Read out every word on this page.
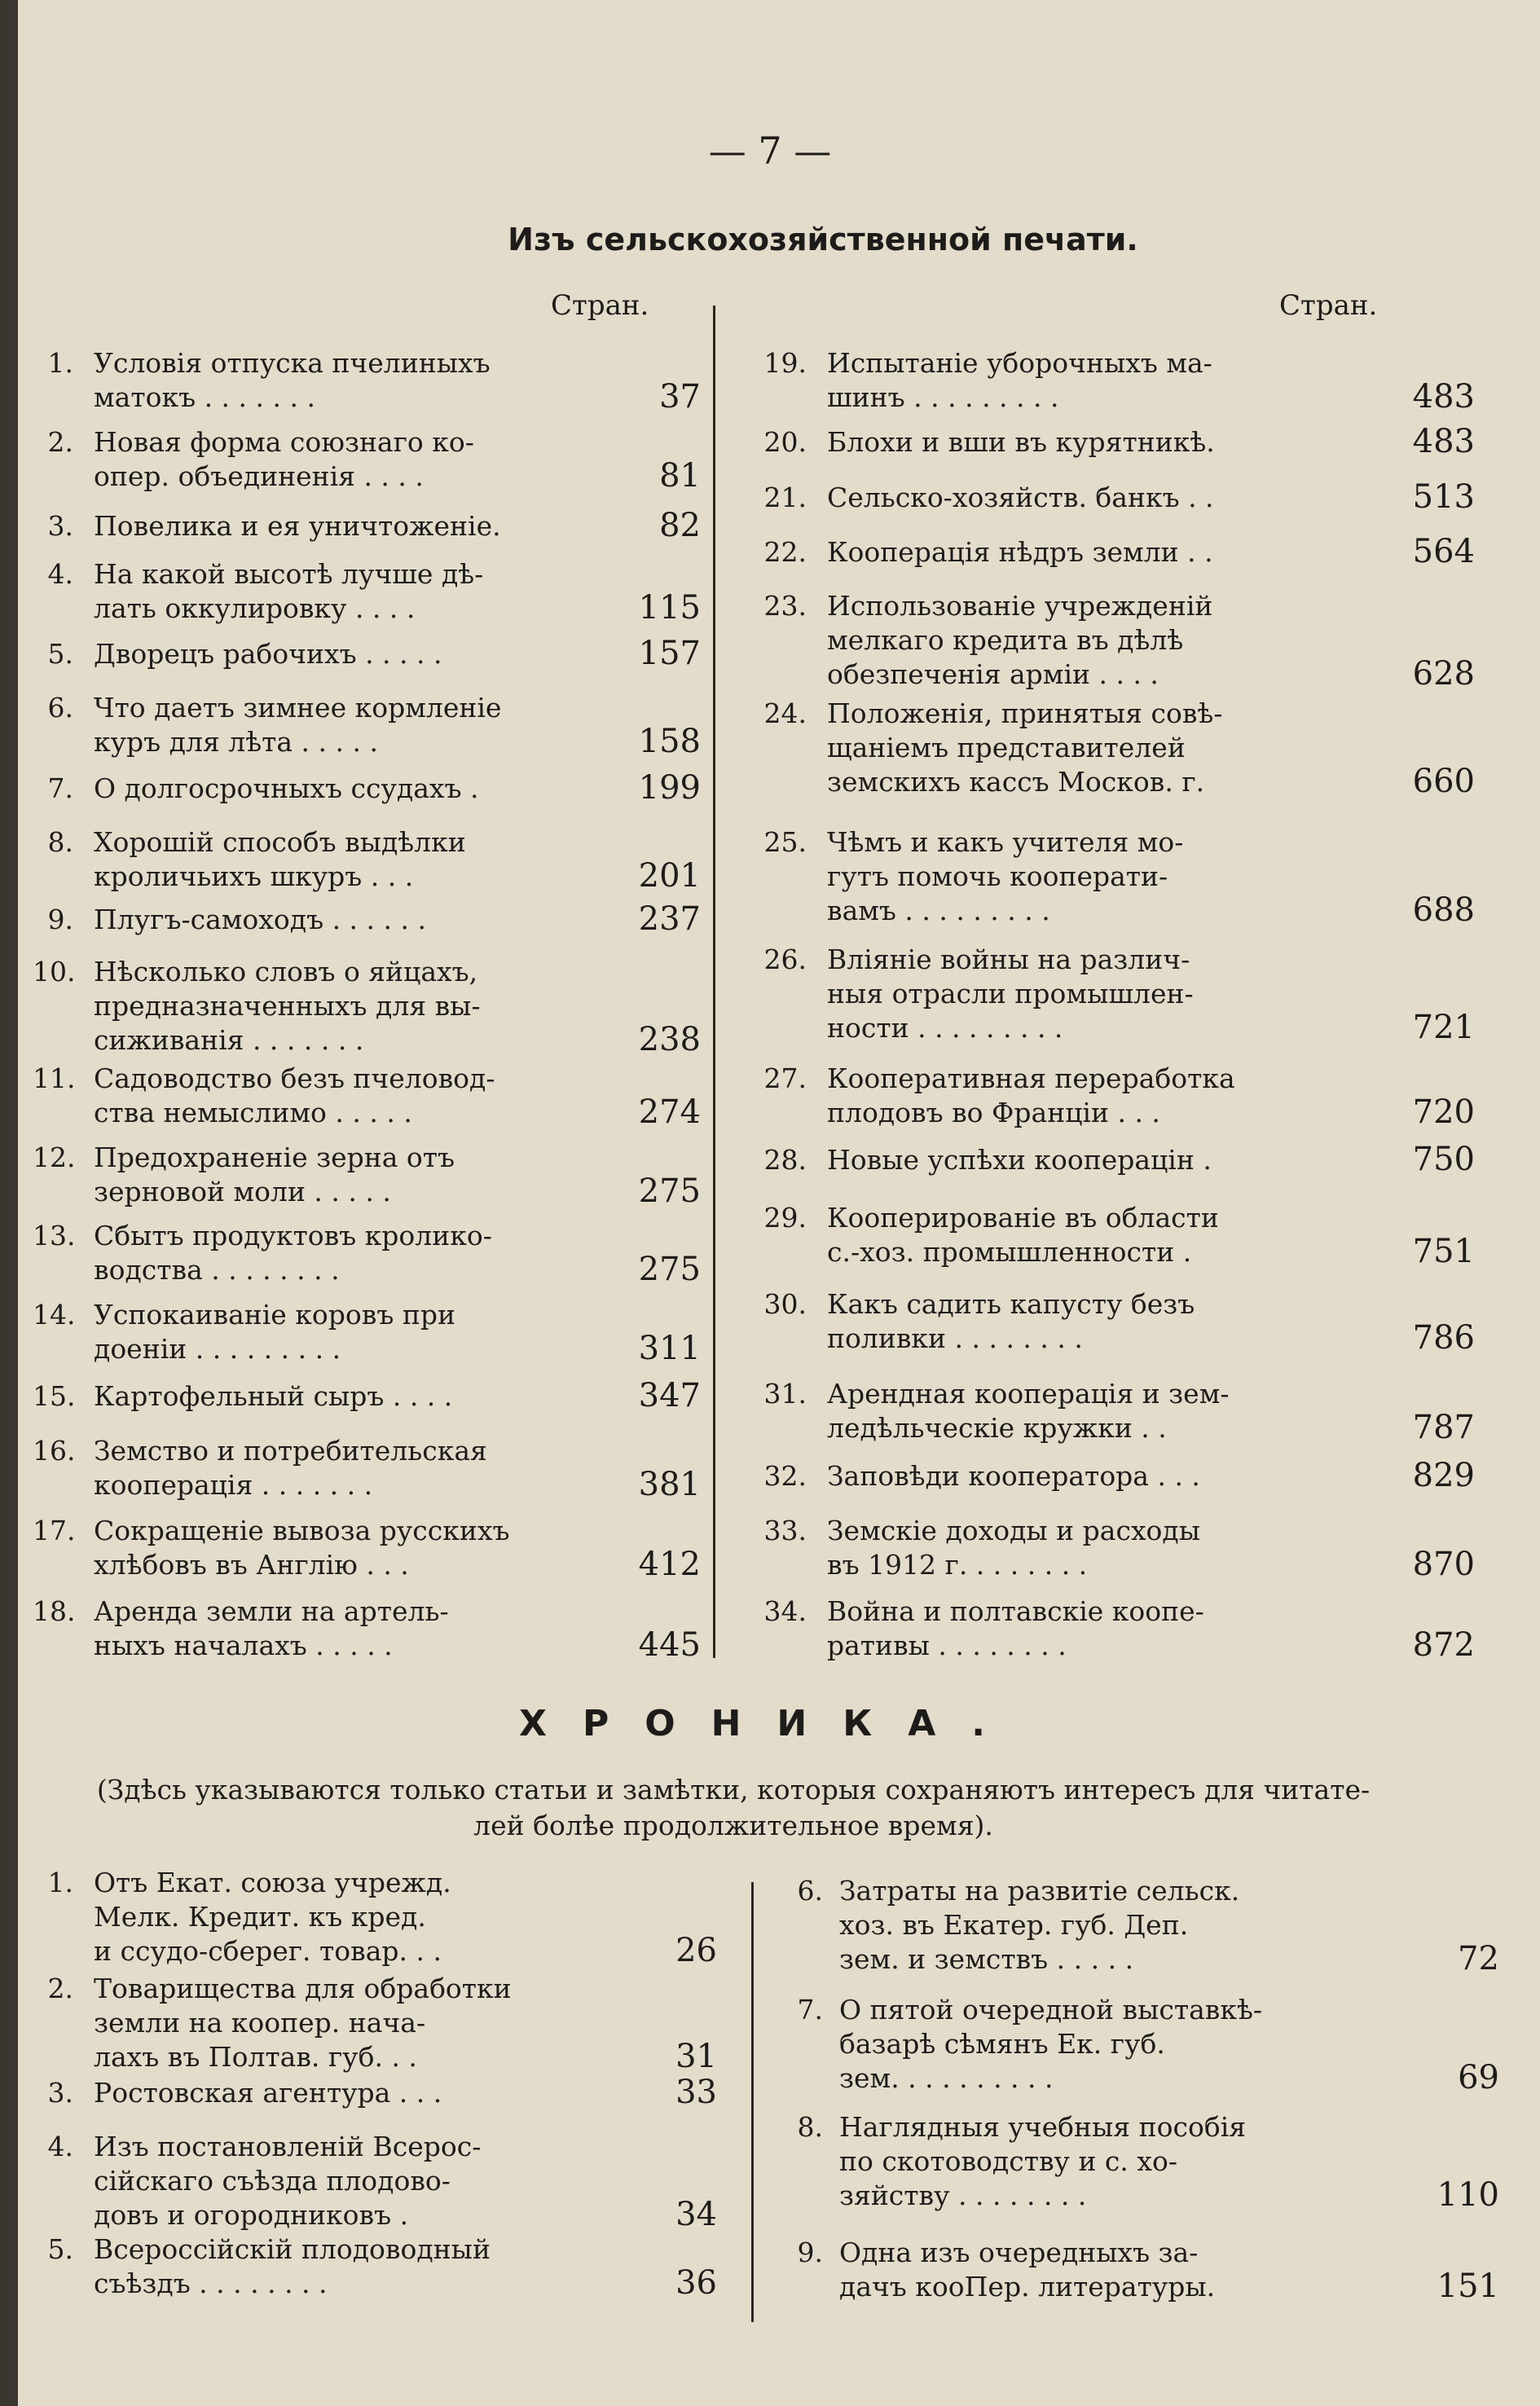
— 7 —
Изъ сельскохозяйственной печати.
Стран.	Стран.
1. Условія отпуска пчелиныхъ
матокъ . . . . . . .	37
2. Новая форма союзнаго ко-
опер. объединенія . . . .	81
3. Повелика и ея уничтоженіе.	82
4. На какой высотѣ лучше дѣ-
лать оккулировку . . . .	115
5. Дворецъ рабочихъ . . . . .	157
6. Что даетъ зимнее кормленіе
куръ для лѣта . . . . .	158
7. О долгосрочныхъ ссудахъ .	199
8. Хорошій способъ выдѣлки
кроличьихъ шкуръ . . .	201
9. Плугъ-самоходъ . . . . . .	237
10. Нѣсколько словъ о яйцахъ,
предназначенныхъ для вы-
сиживанія . . . . . . .	238
11. Садоводство безъ пчеловод-
ства немыслимо . . . . .	274
12. Предохраненіе зерна отъ
зерновой моли . . . . .	275
13. Сбытъ продуктовъ кролико-
водства . . . . . . . .	275
14. Успокаиваніе коровъ при
доеніи . . . . . . . . .	311
15. Картофельный сыръ . . . .	347
16. Земство и потребительская
кооперація . . . . . . .	381
17. Сокращеніе вывоза русскихъ
хлѣбовъ въ Англію . . .	412
18. Аренда земли на артель-
ныхъ началахъ . . . . .	445
19. Испытаніе уборочныхъ ма-
шинъ . . . . . . . . .	483
20. Блохи и вши въ курятникѣ.	483
21. Сельско-хозяйств. банкъ . .	513
22. Кооперація нѣдръ земли . .	564
23. Использованіе учрежденій
мелкаго кредита въ дѣлѣ
обезпеченія арміи . . . .	628
24. Положенія, принятыя совѣ-
щаніемъ представителей
земскихъ кассъ Москов. г.	660
25. Чѣмъ и какъ учителя мо-
гутъ помочь кооперати-
вамъ . . . . . . . . .	688
26. Вліяніе войны на различ-
ныя отрасли промышлен-
ности . . . . . . . . .	721
27. Кооперативная переработка
плодовъ во Франціи . . .	720
28. Новые успѣхи кооперацін .	750
29. Кооперированіе въ области
с.-хоз. промышленности .	751
30. Какъ садить капусту безъ
поливки . . . . . . . .	786
31. Арендная кооперація и зем-
ледѣльческіе кружки . .	787
32. Заповѣди кооператора . . .	829
33. Земскіе доходы и расходы
въ 1912 г. . . . . . . .	870
34. Война и полтавскіе коопе-
ративы . . . . . . . .	872
ХРОНИКА.
(Здѣсь указываются только статьи и замѣтки, которыя сохраняютъ интересъ для читате-
лей болѣе продолжительное время).
1. Отъ Екат. союза учрежд.
Мелк. Кредит. къ кред.
и ссудо-сберег. товар. . .	26
2. Товарищества для обработки
земли на коопер. нача-
лахъ въ Полтав. губ. . .	31
3. Ростовская агентура . . .	33
4. Изъ постановленій Всерос-
сійскаго съѣзда плодово-
довъ и огородниковъ .	34
5. Всероссійскій плодоводный
съѣздъ . . . . . . . .	36
6. Затраты на развитіе сельск.
хоз. въ Екатер. губ. Деп.
зем. и земствъ . . . . .	72
7. О пятой очередной выставкѣ-
базарѣ сѣмянъ Ек. губ.
зем. . . . . . . . . .	69
8. Наглядныя учебныя пособія
по скотоводству и с. хо-
зяйству . . . . . . . .	110
9. Одна изъ очередныхъ за-
дачъ кооПер. литературы.	151
